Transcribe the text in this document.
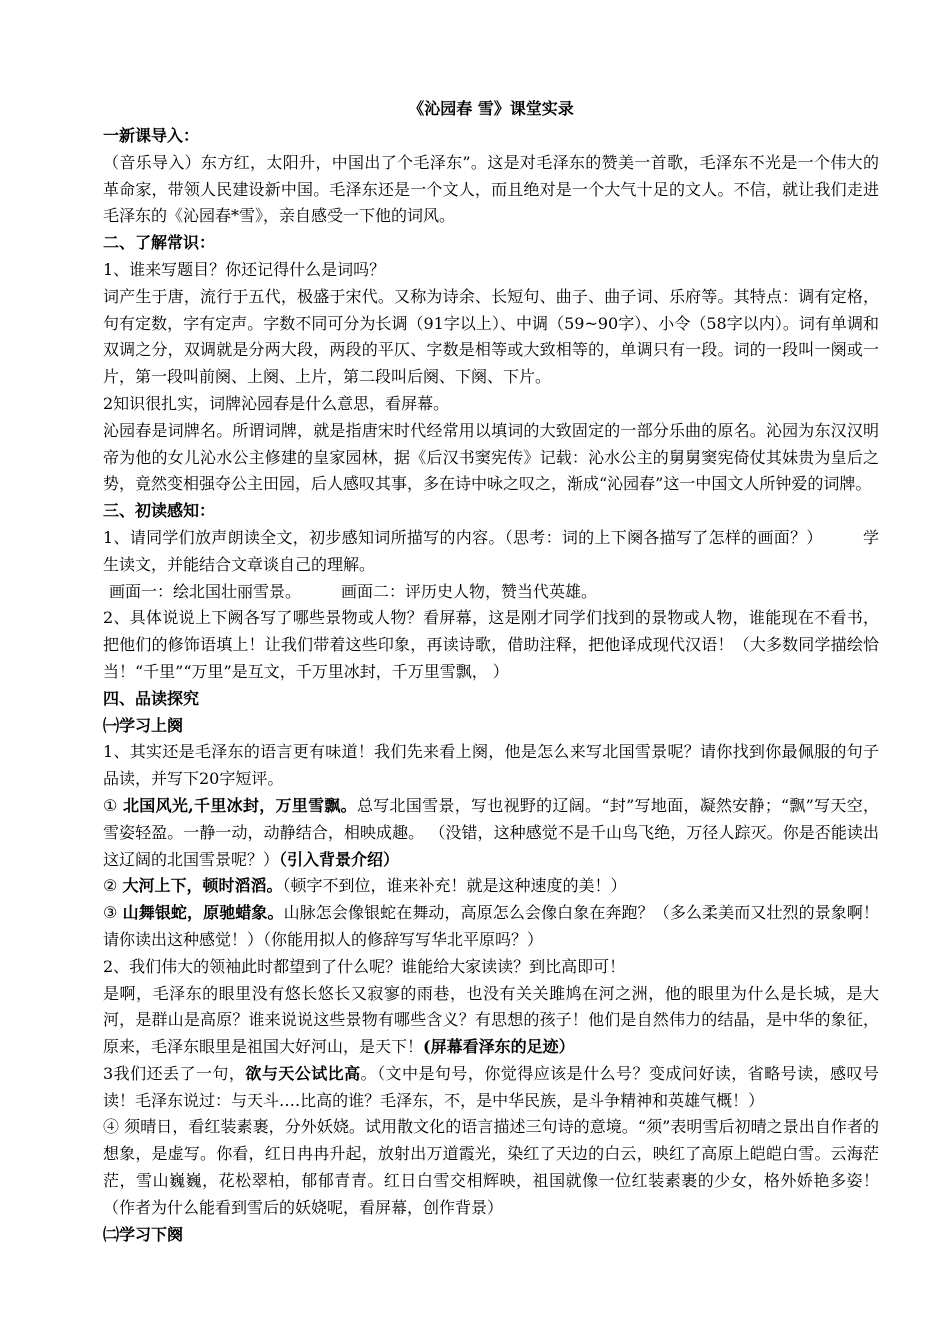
《沁园春 雪》课堂实录

一新课导入：

（音乐导入）东方红，太阳升，中国出了个毛泽东”。这是对毛泽东的赞美一首歌，毛泽东不光是一个伟大的革命家，带领人民建设新中国。毛泽东还是一个文人，而且绝对是一个大气十足的文人。不信，就让我们走进毛泽东的《沁园春*雪》，亲自感受一下他的词风。

二、了解常识：

1、谁来写题目？你还记得什么是词吗？

词产生于唐，流行于五代，极盛于宋代。又称为诗余、长短句、曲子、曲子词、乐府等。其特点：调有定格，句有定数，字有定声。字数不同可分为长调（91字以上）、中调（59~90字）、小令（58字以内）。词有单调和双调之分，双调就是分两大段，两段的平仄、字数是相等或大致相等的，单调只有一段。词的一段叫一阕或一片，第一段叫前阕、上阕、上片，第二段叫后阕、下阕、下片。

2知识很扎实，词牌沁园春是什么意思，看屏幕。

沁园春是词牌名。所谓词牌，就是指唐宋时代经常用以填词的大致固定的一部分乐曲的原名。沁园为东汉汉明帝为他的女儿沁水公主修建的皇家园林，据《后汉书窦宪传》记载：沁水公主的舅舅窦宪倚仗其妹贵为皇后之势，竟然变相强夺公主田园，后人感叹其事，多在诗中咏之叹之，渐成“沁园春”这一中国文人所钟爱的词牌。

三、初读感知：

1、请同学们放声朗读全文，初步感知词所描写的内容。（思考：词的上下阕各描写了怎样的画面？）	学生读文，并能结合文章谈自己的理解。

画面一：绘北国壮丽雪景。	画面二：评历史人物，赞当代英雄。

2、具体说说上下阙各写了哪些景物或人物？看屏幕，这是刚才同学们找到的景物或人物，谁能现在不看书，把他们的修饰语填上！让我们带着这些印象，再读诗歌，借助注释，把他译成现代汉语！（大多数同学描绘恰当！“千里”“万里”是互文，千万里冰封，千万里雪飘， ）

四、品读探究

㈠学习上阕

1、其实还是毛泽东的语言更有味道！我们先来看上阕，他是怎么来写北国雪景呢？请你找到你最佩服的句子品读，并写下20字短评。

① 北国风光,千里冰封，万里雪飘。总写北国雪景，写也视野的辽阔。“封”写地面，凝然安静；“飘”写天空，雪姿轻盈。一静一动，动静结合，相映成趣。 （没错，这种感觉不是千山鸟飞绝，万径人踪灭。你是否能读出这辽阔的北国雪景呢？）（引入背景介绍）

② 大河上下，顿时滔滔。（顿字不到位，谁来补充！就是这种速度的美！）

③ 山舞银蛇，原驰蜡象。山脉怎会像银蛇在舞动，高原怎么会像白象在奔跑？（多么柔美而又壮烈的景象啊！请你读出这种感觉！）（你能用拟人的修辞写写华北平原吗？）

2、我们伟大的领袖此时都望到了什么呢？谁能给大家读读？到比高即可！

是啊，毛泽东的眼里没有悠长悠长又寂寥的雨巷，也没有关关雎鸠在河之洲，他的眼里为什么是长城，是大河，是群山是高原？谁来说说这些景物有哪些含义？有思想的孩子！他们是自然伟力的结晶，是中华的象征，原来，毛泽东眼里是祖国大好河山，是天下！(屏幕看泽东的足迹）

3我们还丢了一句，欲与天公试比高。（文中是句号，你觉得应该是什么号？变成问好读，省略号读，感叹号读！毛泽东说过：与天斗….比高的谁？毛泽东，不，是中华民族，是斗争精神和英雄气概！）

④ 须晴日，看红装素裹，分外妖娆。试用散文化的语言描述三句诗的意境。“须”表明雪后初晴之景出自作者的想象，是虚写。你看，红日冉冉升起，放射出万道霞光，染红了天边的白云，映红了高原上皑皑白雪。云海茫茫，雪山巍巍，花松翠柏，郁郁青青。红日白雪交相辉映，祖国就像一位红装素裹的少女，格外娇艳多姿！（作者为什么能看到雪后的妖娆呢，看屏幕，创作背景）

㈡学习下阕
